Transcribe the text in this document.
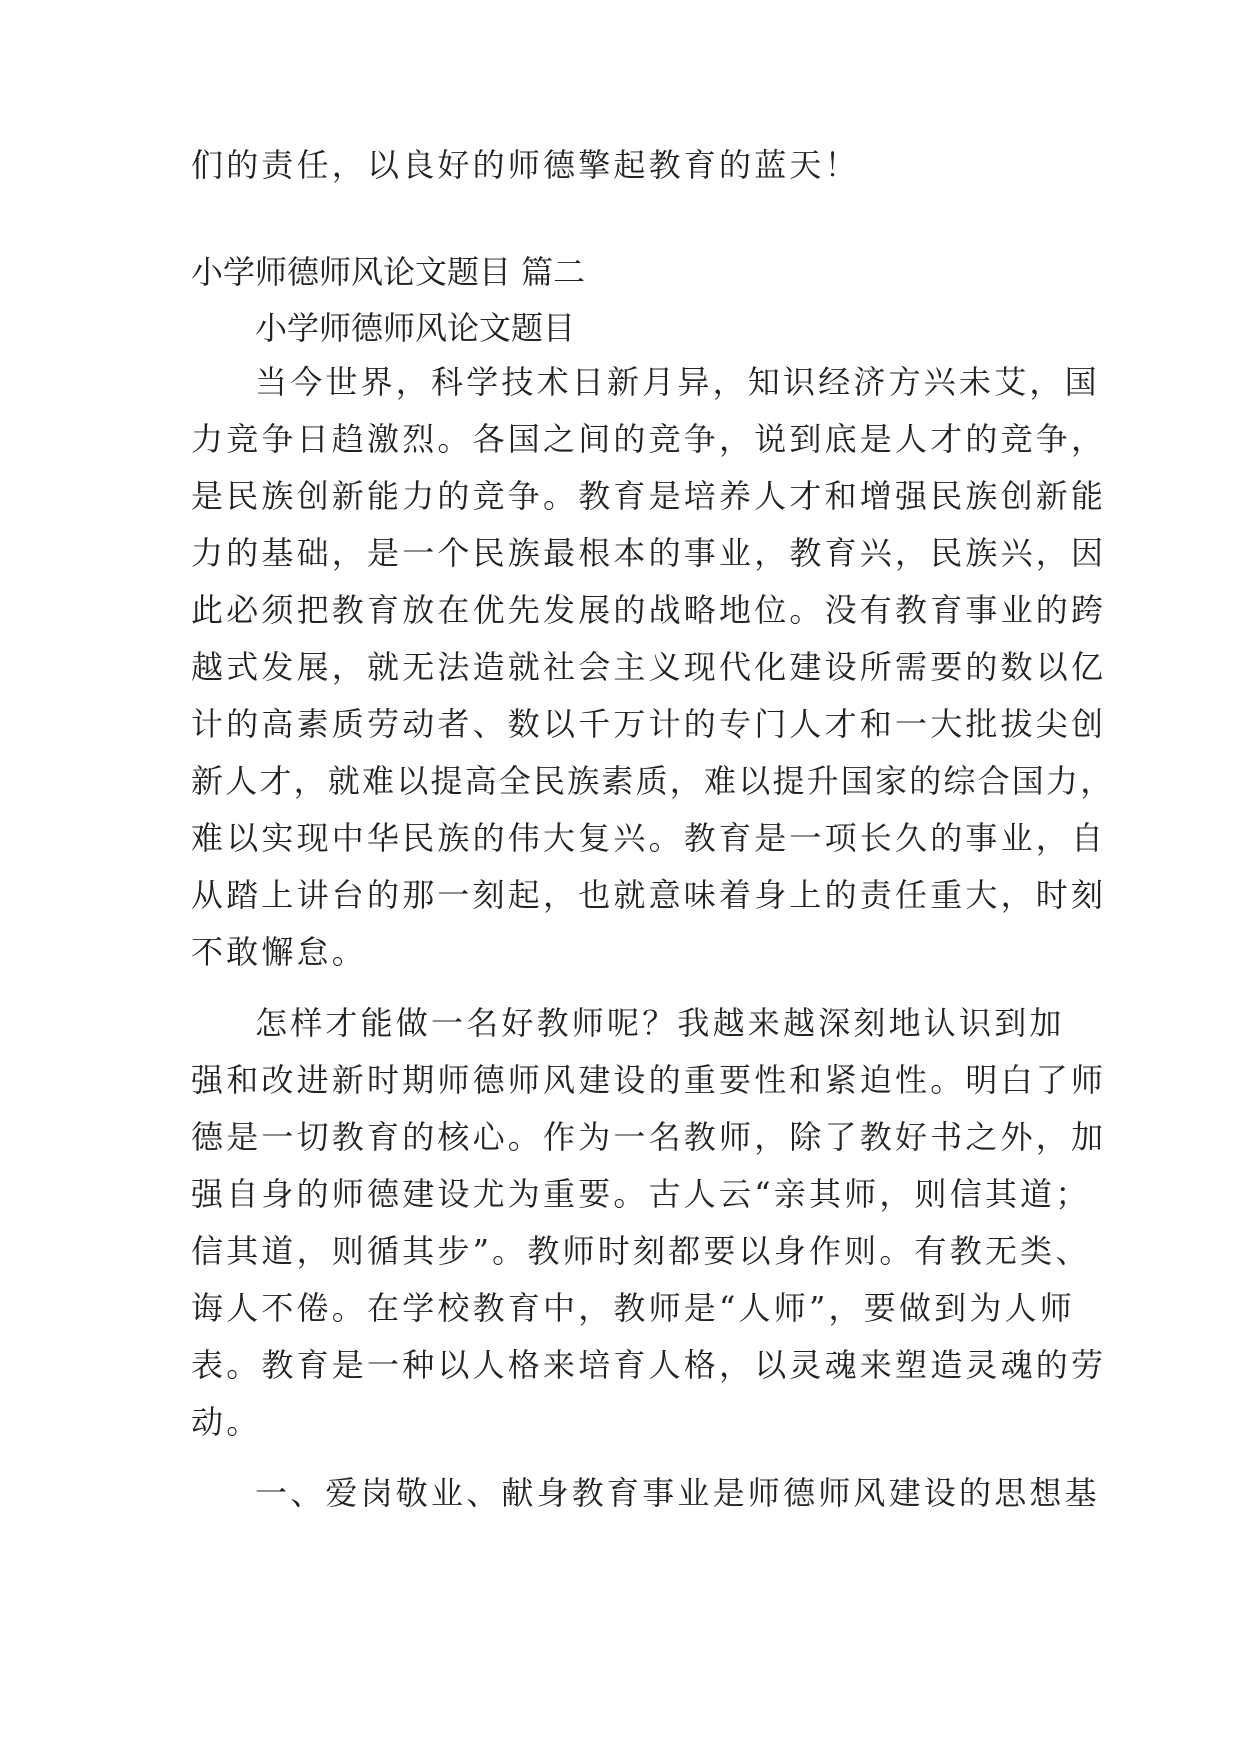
们的责任，以良好的师德擎起教育的蓝天！
小学师德师风论文题目 篇二
小学师德师风论文题目
当今世界，科学技术日新月异，知识经济方兴未艾，国
力竞争日趋激烈。各国之间的竞争，说到底是人才的竞争，
是民族创新能力的竞争。教育是培养人才和增强民族创新能
力的基础，是一个民族最根本的事业，教育兴，民族兴，因
此必须把教育放在优先发展的战略地位。没有教育事业的跨
越式发展，就无法造就社会主义现代化建设所需要的数以亿
计的高素质劳动者、数以千万计的专门人才和一大批拔尖创
新人才，就难以提高全民族素质，难以提升国家的综合国力，
难以实现中华民族的伟大复兴。教育是一项长久的事业，自
从踏上讲台的那一刻起，也就意味着身上的责任重大，时刻
不敢懈怠。
怎样才能做一名好教师呢？我越来越深刻地认识到加
强和改进新时期师德师风建设的重要性和紧迫性。明白了师
德是一切教育的核心。作为一名教师，除了教好书之外，加
强自身的师德建设尤为重要。古人云“亲其师，则信其道；
信其道，则循其步”。教师时刻都要以身作则。有教无类、
诲人不倦。在学校教育中，教师是“人师”，要做到为人师
表。教育是一种以人格来培育人格，以灵魂来塑造灵魂的劳
动。
一、爱岗敬业、献身教育事业是师德师风建设的思想基
